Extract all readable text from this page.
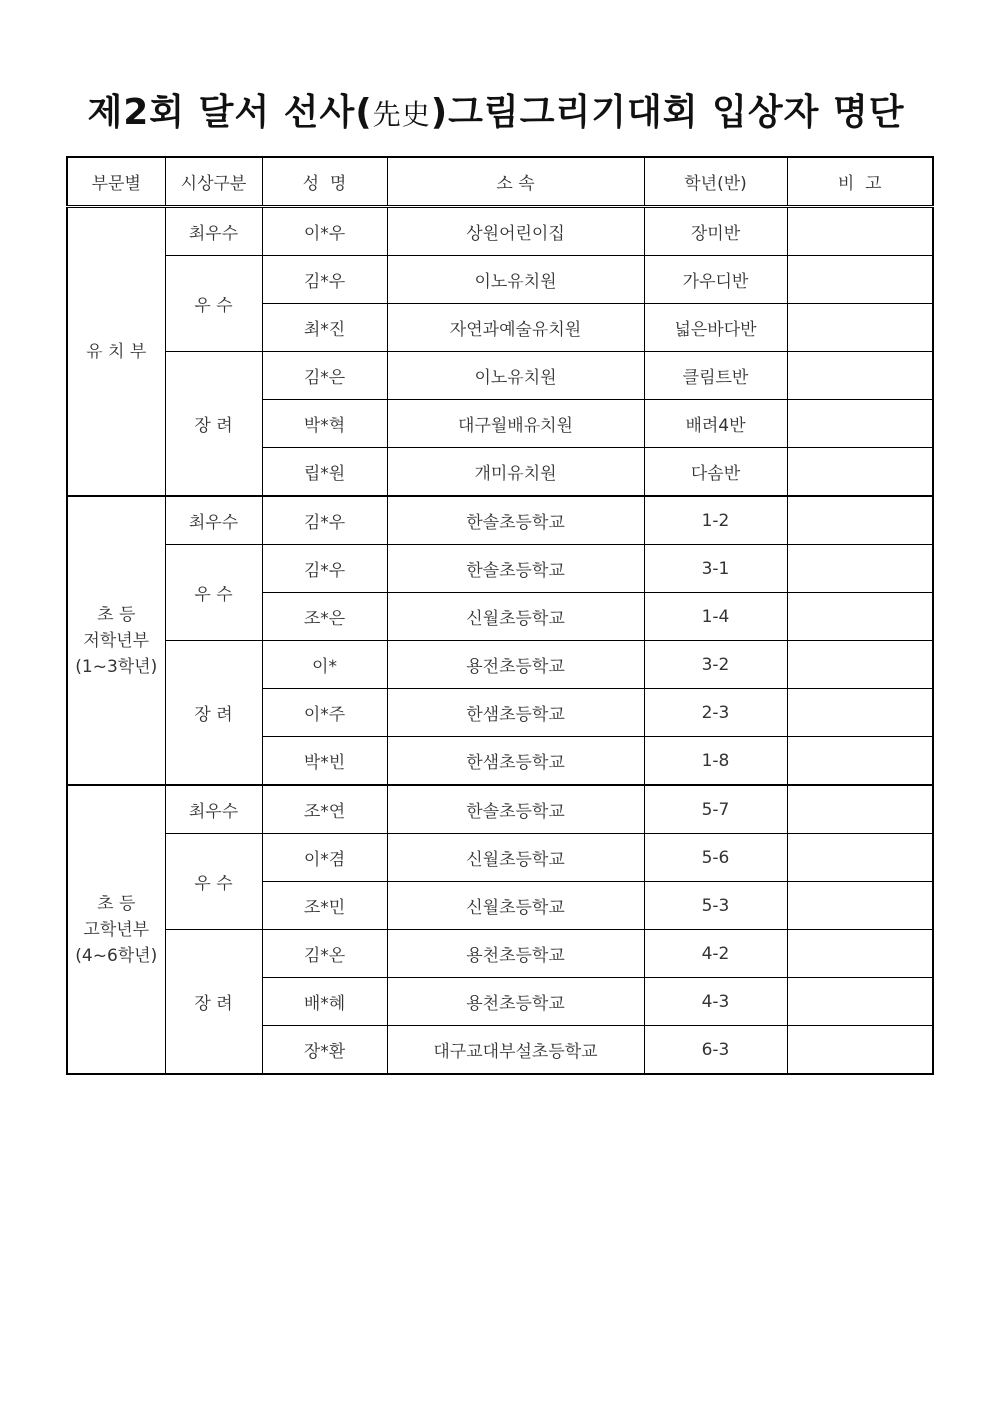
제2회 달서 선사(先史)그림그리기대회 입상자 명단
부문별	시상구분	성  명	소 속	학년(반)	비  고

유 치 부	최우수	이*우	상원어린이집	장미반	
	우 수	김*우	이노유치원	가우디반	
		최*진	자연과예술유치원	넓은바다반	
	장 려	김*은	이노유치원	클림트반	
		박*혁	대구월배유치원	배려4반	
		립*원	개미유치원	다솜반	

초 등
저학년부
(1~3학년)	최우수	김*우	한솔초등학교	1-2	
	우 수	김*우	한솔초등학교	3-1	
		조*은	신월초등학교	1-4	
	장 려	이*	용전초등학교	3-2	
		이*주	한샘초등학교	2-3	
		박*빈	한샘초등학교	1-8	

초 등
고학년부
(4~6학년)	최우수	조*연	한솔초등학교	5-7	
	우 수	이*겸	신월초등학교	5-6	
		조*민	신월초등학교	5-3	
	장 려	김*온	용천초등학교	4-2	
		배*혜	용천초등학교	4-3	
		장*환	대구교대부설초등학교	6-3	
